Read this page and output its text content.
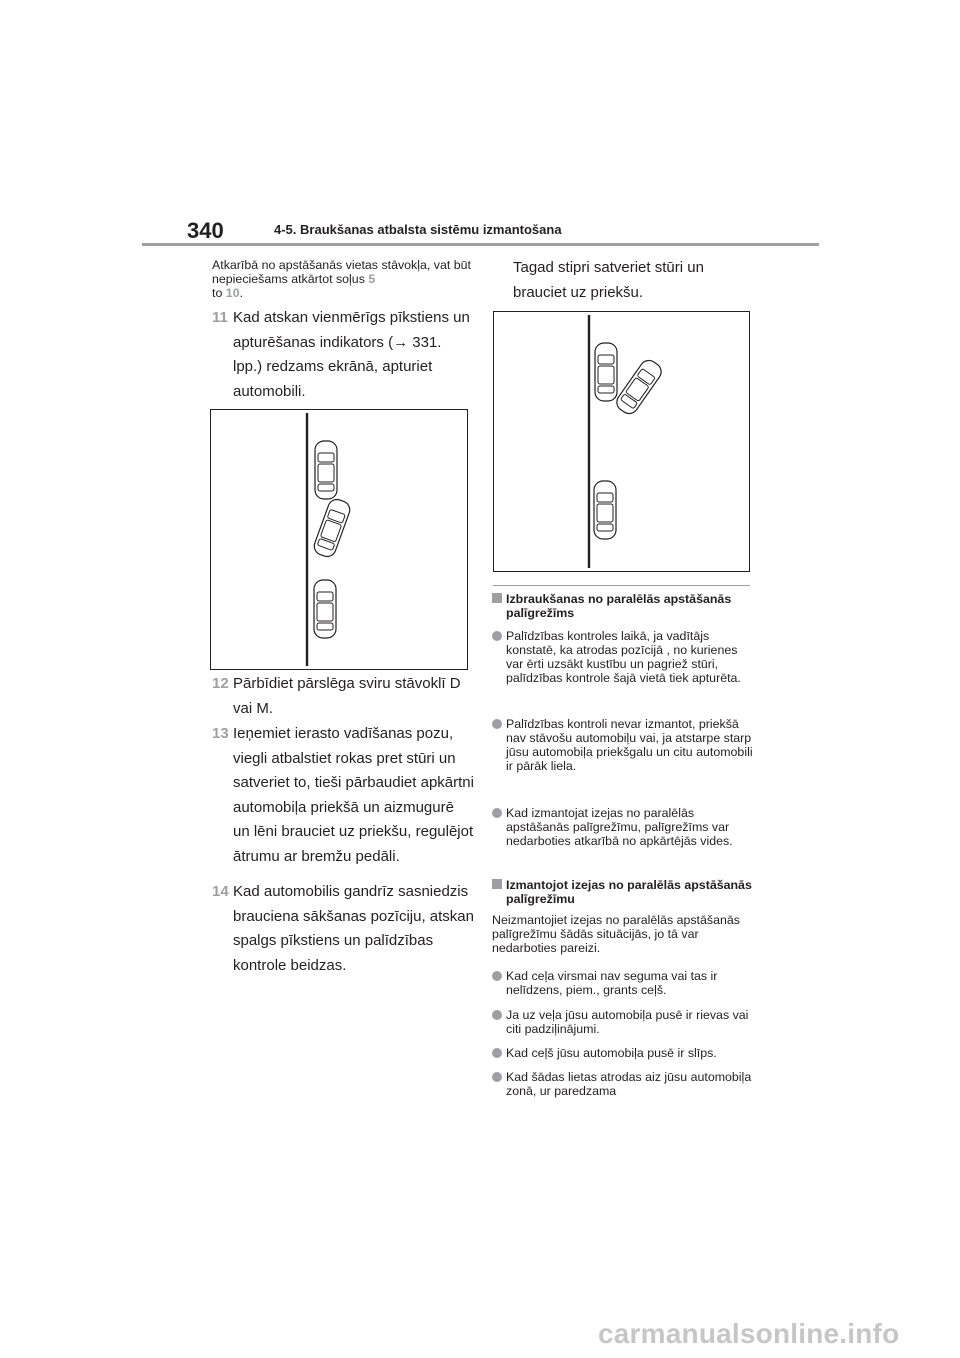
340	4-5. Braukšanas atbalsta sistēmu izmantošana
Atkarībā no apstāšanās vietas stāvokļa, vat būt nepieciešams atkārtot soļus 5
to 10.
11 Kad atskan vienmērīgs pīkstiens un apturēšanas indikators (→ 331. lpp.) redzams ekrānā, apturiet automobili.
12 Pārbīdiet pārslēga sviru stāvoklī D vai M.
13 Ieņemiet ierasto vadīšanas pozu, viegli atbalstiet rokas pret stūri un satveriet to, tieši pārbaudiet apkārtni automobiļa priekšā un aizmugurē un lēni brauciet uz priekšu, regulējot ātrumu ar bremžu pedāli.
14 Kad automobilis gandrīz sasniedzis brauciena sākšanas pozīciju, atskan spalgs pīkstiens un palīdzības kontrole beidzas.
Tagad stipri satveriet stūri un brauciet uz priekšu.
Izbraukšanas no paralēlās apstāšanās palīgrežīms
Palīdzības kontroles laikā, ja vadītājs konstatē, ka atrodas pozīcijā , no kurienes var ērti uzsākt kustību un pagriež stūri, palīdzības kontrole šajā vietā tiek apturēta.
Palīdzības kontroli nevar izmantot, priekšā nav stāvošu automobiļu vai, ja atstarpe starp jūsu automobiļa priekšgalu un citu automobili ir pārāk liela.
Kad izmantojat izejas no paralēlās apstāšanās palīgrežīmu, palīgrežīms var nedarboties atkarībā no apkārtējās vides.
Izmantojot izejas no paralēlās apstāšanās palīgrežīmu
Neizmantojiet izejas no paralēlās apstāšanās palīgrežīmu šādās situācijās, jo tā var nedarboties pareizi.
Kad ceļa virsmai nav seguma vai tas ir nelīdzens, piem., grants ceļš.
Ja uz veļa jūsu automobiļa pusē ir rievas vai citi padziļinājumi.
Kad ceļš jūsu automobiļa pusē ir slīps.
Kad šādas lietas atrodas aiz jūsu automobiļa zonā, ur paredzama
carmanualsonline.info
